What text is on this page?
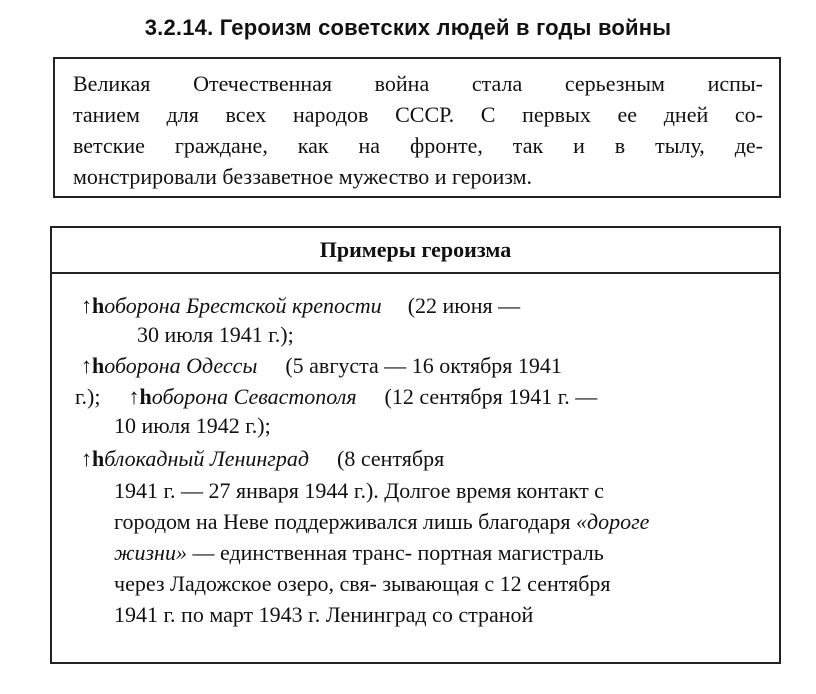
3.2.14. Героизм советских людей в годы войны
Великая Отечественная война стала серьезным испы-
танием для всех народов СССР. С первых ее дней со-
ветские граждане, как на фронте, так и в тылу, де-
монстрировали беззаветное мужество и героизм.
Примеры героизма
↑hоборона Брестской крепости (22 июня —
30 июля 1941 г.);
↑hоборона Одессы (5 августа — 16 октября 1941
г.); ↑hоборона Севастополя (12 сентября 1941 г. —
10 июля 1942 г.);
↑hблокадный Ленинград (8 сентября
1941 г. — 27 января 1944 г.). Долгое время контакт с
городом на Неве поддерживался лишь благодаря «дороге
жизни» — единственная транс- портная магистраль
через Ладожское озеро, свя- зывающая с 12 сентября
1941 г. по март 1943 г. Ленинград со страной
